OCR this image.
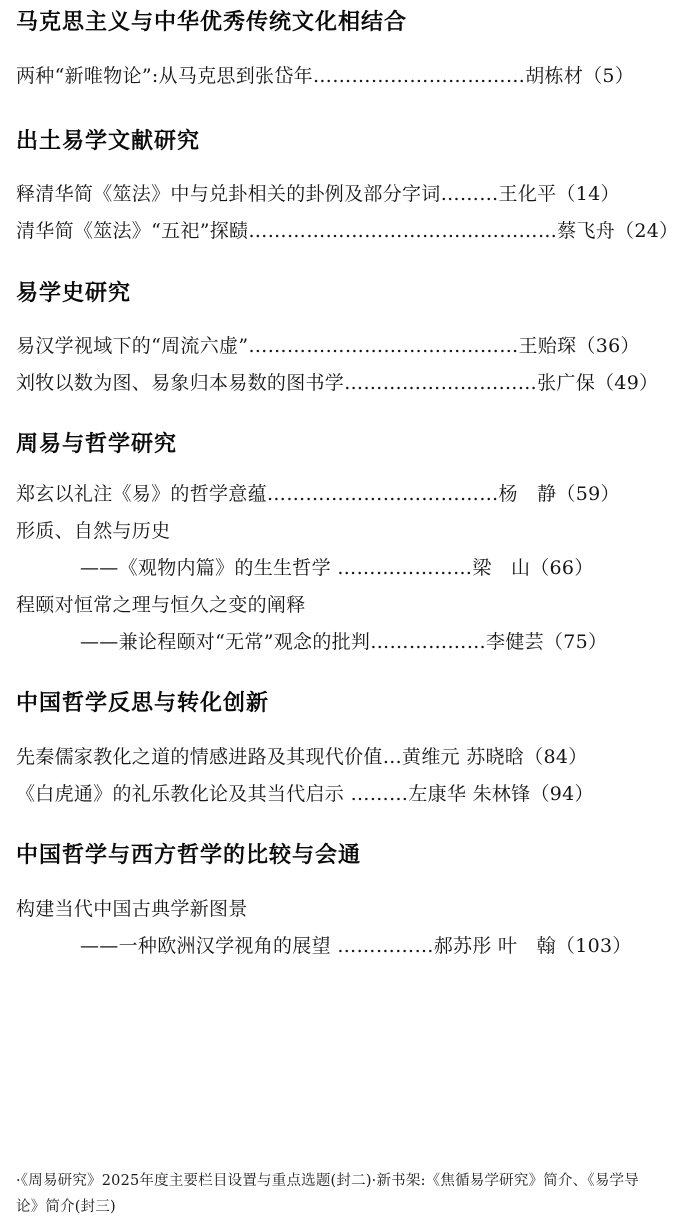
马克思主义与中华优秀传统文化相结合
两种“新唯物论”:从马克思到张岱年……………………………胡栋材（5）
出土易学文献研究
释清华简《筮法》中与兑卦相关的卦例及部分字词………王化平（14）
清华简《筮法》“五祀”探赜…………………………………………蔡飞舟（24）
易学史研究
易汉学视域下的“周流六虚”……………………………………王贻琛（36）
刘牧以数为图、易象归本易数的图书学…………………………张广保（49）
周易与哲学研究
郑玄以礼注《易》的哲学意蕴………………………………杨　静（59）
形质、自然与历史
——《观物内篇》的生生哲学 …………………梁　山（66）
程颐对恒常之理与恒久之变的阐释
——兼论程颐对“无常”观念的批判………………李健芸（75）
中国哲学反思与转化创新
先秦儒家教化之道的情感进路及其现代价值…黄维元 苏晓晗（84）
《白虎通》的礼乐教化论及其当代启示 ………左康华 朱林锋（94）
中国哲学与西方哲学的比较与会通
构建当代中国古典学新图景
——一种欧洲汉学视角的展望 ……………郝苏彤 叶　翰（103）
·《周易研究》2025年度主要栏目设置与重点选题(封二)·新书架:《焦循易学研究》简介、《易学导
论》简介(封三)
